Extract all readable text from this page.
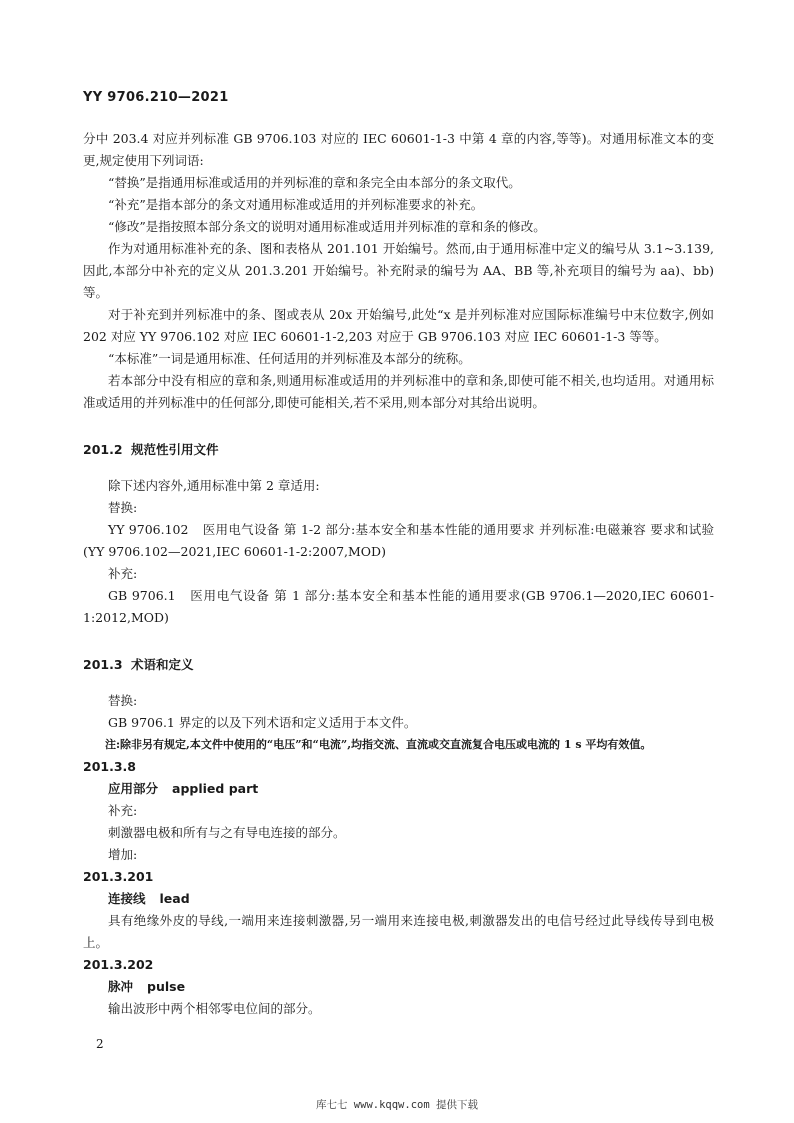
YY 9706.210—2021

分中 203.4 对应并列标准 GB 9706.103 对应的 IEC 60601-1-3 中第 4 章的内容,等等)。对通用标准文本的变更,规定使用下列词语:

“替换”是指通用标准或适用的并列标准的章和条完全由本部分的条文取代。

“补充”是指本部分的条文对通用标准或适用的并列标准要求的补充。

“修改”是指按照本部分条文的说明对通用标准或适用并列标准的章和条的修改。

作为对通用标准补充的条、图和表格从 201.101 开始编号。然而,由于通用标准中定义的编号从 3.1~3.139,因此,本部分中补充的定义从 201.3.201 开始编号。补充附录的编号为 AA、BB 等,补充项目的编号为 aa)、bb)等。

对于补充到并列标准中的条、图或表从 20x 开始编号,此处“x 是并列标准对应国际标准编号中末位数字,例如 202 对应 YY 9706.102 对应 IEC 60601-1-2,203 对应于 GB 9706.103 对应 IEC 60601-1-3 等等。

“本标准”一词是通用标准、任何适用的并列标准及本部分的统称。

若本部分中没有相应的章和条,则通用标准或适用的并列标准中的章和条,即使可能不相关,也均适用。对通用标准或适用的并列标准中的任何部分,即使可能相关,若不采用,则本部分对其给出说明。

201.2 规范性引用文件

除下述内容外,通用标准中第 2 章适用:

替换:

YY 9706.102 医用电气设备 第 1-2 部分:基本安全和基本性能的通用要求 并列标准:电磁兼容 要求和试验(YY 9706.102—2021,IEC 60601-1-2:2007,MOD)

补充:

GB 9706.1 医用电气设备 第 1 部分:基本安全和基本性能的通用要求(GB 9706.1—2020,IEC 60601-1:2012,MOD)

201.3 术语和定义

替换:

GB 9706.1 界定的以及下列术语和定义适用于本文件。

注:除非另有规定,本文件中使用的“电压”和“电流”,均指交流、直流或交直流复合电压或电流的 1 s 平均有效值。

201.3.8

应用部分 applied part

补充:

刺激器电极和所有与之有导电连接的部分。

增加:

201.3.201

连接线 lead

具有绝缘外皮的导线,一端用来连接刺激器,另一端用来连接电极,刺激器发出的电信号经过此导线传导到电极上。

201.3.202

脉冲 pulse

输出波形中两个相邻零电位间的部分。

2
库七七 www.kqqw.com 提供下载
